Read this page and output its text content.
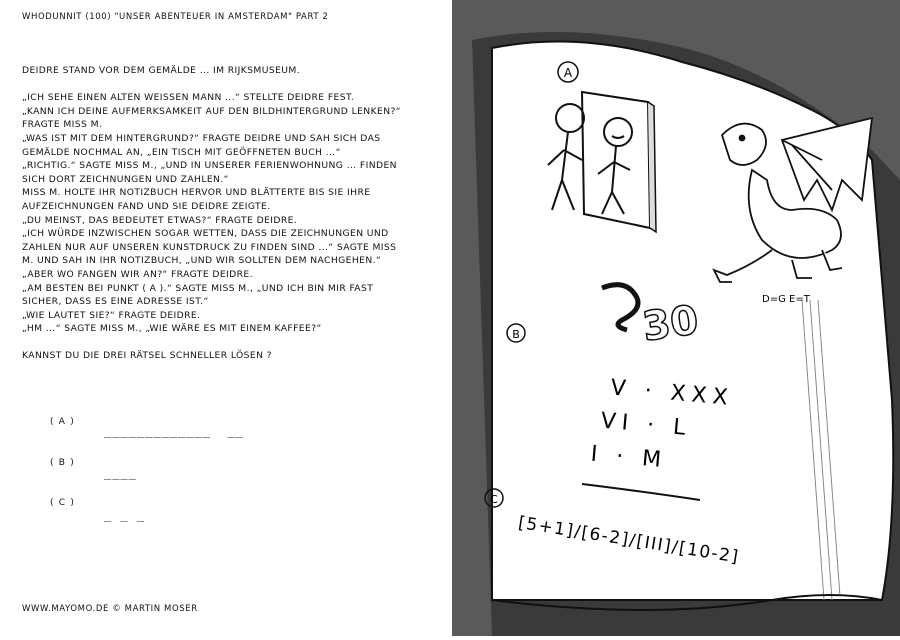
WHODUNNIT (100) "UNSER ABENTEUER IN AMSTERDAM" PART 2

DEIDRE STAND VOR DEM GEMÄLDE ... IM RIJKSMUSEUM.

„ICH SEHE EINEN ALTEN WEISSEN MANN ...“ STELLTE DEIDRE FEST.

„KANN ICH DEINE AUFMERKSAMKEIT AUF DEN BILDHINTERGRUND LENKEN?“

FRAGTE MISS M.

„WAS IST MIT DEM HINTERGRUND?“ FRAGTE DEIDRE UND SAH SICH DAS

GEMÄLDE NOCHMAL AN, „EIN TISCH MIT GEÖFFNETEN BUCH ...“

„RICHTIG.“ SAGTE MISS M., „UND IN UNSERER FERIENWOHNUNG ... FINDEN

SICH DORT ZEICHNUNGEN UND ZAHLEN.“

MISS M. HOLTE IHR NOTIZBUCH HERVOR UND BLÄTTERTE BIS SIE IHRE

AUFZEICHNUNGEN FAND UND SIE DEIDRE ZEIGTE.

„DU MEINST, DAS BEDEUTET ETWAS?“ FRAGTE DEIDRE.

„ICH WÜRDE INZWISCHEN SOGAR WETTEN, DASS DIE ZEICHNUNGEN UND

ZAHLEN NUR AUF UNSEREN KUNSTDRUCK ZU FINDEN SIND ...“ SAGTE MISS

M. UND SAH IN IHR NOTIZBUCH, „UND WIR SOLLTEN DEM NACHGEHEN.“

„ABER WO FANGEN WIR AN?“ FRAGTE DEIDRE.

„AM BESTEN BEI PUNKT ( A ).“ SAGTE MISS M., „UND ICH BIN MIR FAST

SICHER, DASS ES EINE ADRESSE IST.“

„WIE LAUTET SIE?“ FRAGTE DEIDRE.

„HM ...“ SAGTE MISS M., „WIE WÄRE ES MIT EINEM KAFFEE?“

KANNST DU DIE DREI RÄTSEL SCHNELLER LÖSEN ?

( A )
_____________  __
( B )
____
( C )
_ _ _
WWW.MAYOMO.DE © MARTIN MOSER
A
D=G E=T
30
B
V · XXX
VI · L
I · M
C
[5+1]/[6-2]/[III]/[10-2]
